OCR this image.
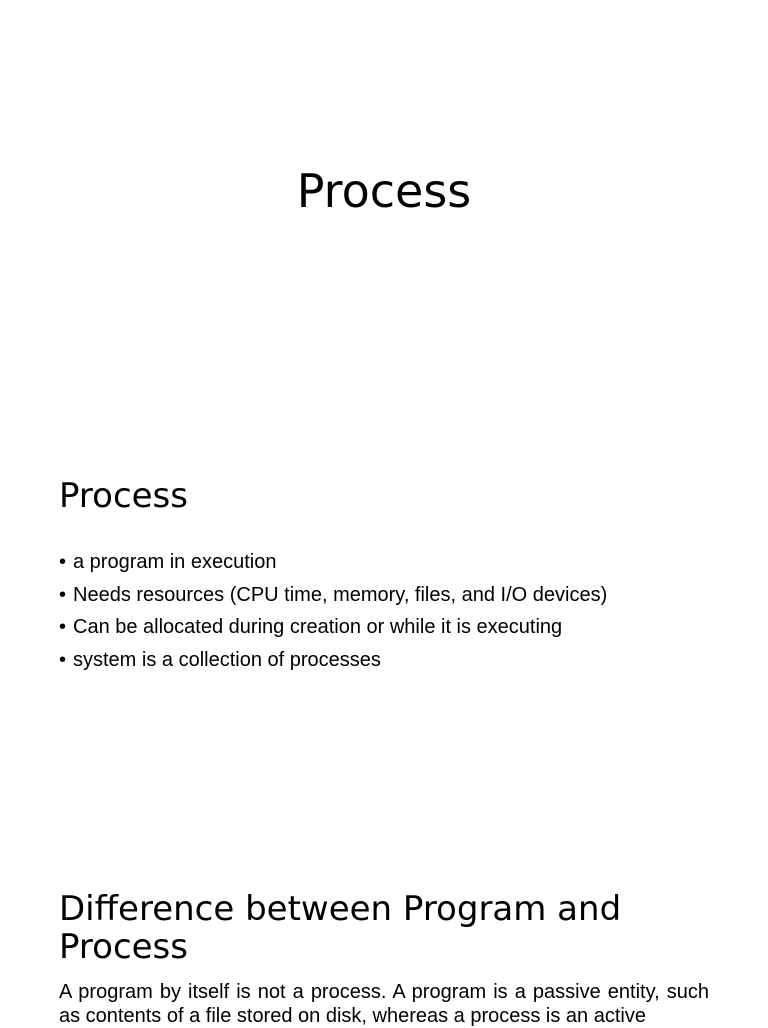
Process
Process
• a program in execution
• Needs resources (CPU time, memory, files, and I/O devices)
• Can be allocated during creation or while it is executing
• system is a collection of processes
Difference between Program and Process

A program by itself is not a process. A program is a passive entity, such as contents of a file stored on disk, whereas a process is an active
